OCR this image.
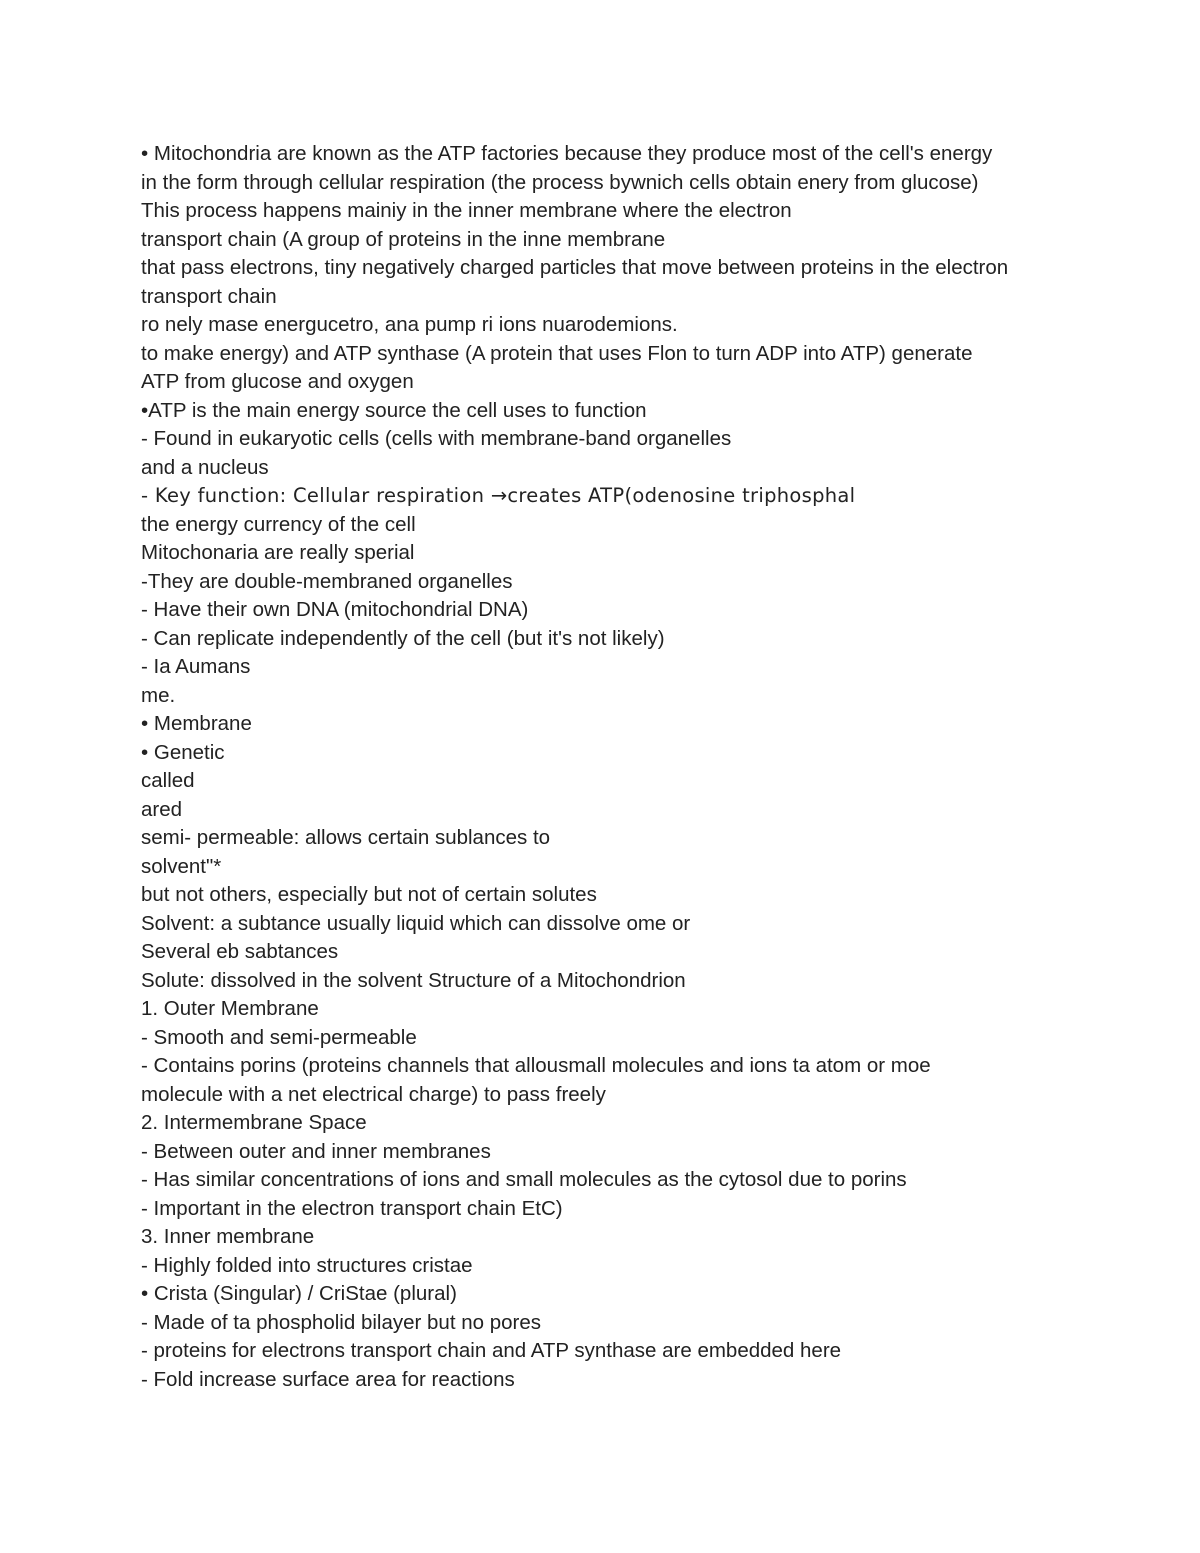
• Mitochondria are known as the ATP factories because they produce most of the cell's energy
in the form through cellular respiration (the process bywnich cells obtain enery from glucose)
This process happens mainiy in the inner membrane where the electron
transport chain (A group of proteins in the inne membrane
that pass electrons, tiny negatively charged particles that move between proteins in the electron
transport chain
ro nely mase energucetro, ana pump ri ions nuarodemions.
to make energy) and ATP synthase (A protein that uses Flon to turn ADP into ATP) generate
ATP from glucose and oxygen
•ATP is the main energy source the cell uses to function
- Found in eukaryotic cells (cells with membrane-band organelles
and a nucleus
- Key function: Cellular respiration →creates ATP(odenosine triphosphal
the energy currency of the cell
Mitochonaria are really sperial
-They are double-membraned organelles
- Have their own DNA (mitochondrial DNA)
- Can replicate independently of the cell (but it's not likely)
- Ia Aumans
me.
• Membrane
• Genetic
called
ared
semi- permeable: allows certain sublances to
solvent"*
but not others, especially but not of certain solutes
Solvent: a subtance usually liquid which can dissolve ome or
Several eb sabtances
Solute: dissolved in the solvent Structure of a Mitochondrion
1. Outer Membrane
- Smooth and semi-permeable
- Contains porins (proteins channels that allousmall molecules and ions ta atom or moe
molecule with a net electrical charge) to pass freely
2. Intermembrane Space
- Between outer and inner membranes
- Has similar concentrations of ions and small molecules as the cytosol due to porins
- Important in the electron transport chain EtC)
3. Inner membrane
- Highly folded into structures cristae
• Crista (Singular) / CriStae (plural)
- Made of ta phospholid bilayer but no pores
- proteins for electrons transport chain and ATP synthase are embedded here
- Fold increase surface area for reactions
